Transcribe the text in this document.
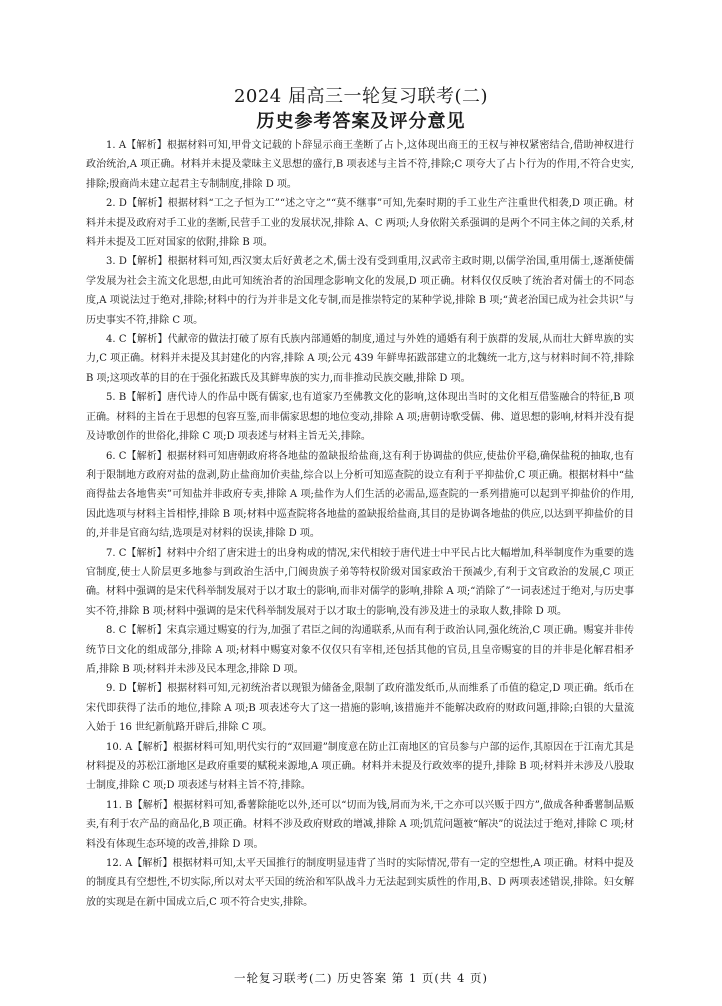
2024 届高三一轮复习联考(二)
历史参考答案及评分意见

1. A【解析】根据材料可知,甲骨文记载的卜辞显示商王垄断了占卜,这体现出商王的王权与神权紧密结合,借助神权进行政治统治,A 项正确。材料并未提及蒙昧主义思想的盛行,B 项表述与主旨不符,排除;C 项夸大了占卜行为的作用,不符合史实,排除;殷商尚未建立起君主专制制度,排除 D 项。

2. D【解析】根据材料“工之子恒为工”“述之守之”“莫不继事”可知,先秦时期的手工业生产注重世代相袭,D 项正确。材料并未提及政府对手工业的垄断,民营手工业的发展状况,排除 A、C 两项;人身依附关系强调的是两个不同主体之间的关系,材料并未提及工匠对国家的依附,排除 B 项。

3. D【解析】根据材料可知,西汉窦太后好黄老之术,儒士没有受到重用,汉武帝主政时期,以儒学治国,重用儒士,逐渐使儒学发展为社会主流文化思想,由此可知统治者的治国理念影响文化的发展,D 项正确。材料仅仅反映了统治者对儒士的不同态度,A 项说法过于绝对,排除;材料中的行为并非是文化专制,而是推崇特定的某种学说,排除 B 项;“黄老治国已成为社会共识”与历史事实不符,排除 C 项。

4. C【解析】代献帝的做法打破了原有氏族内部通婚的制度,通过与外姓的通婚有利于族群的发展,从而壮大鲜卑族的实力,C 项正确。材料并未提及其封建化的内容,排除 A 项;公元 439 年鲜卑拓跋部建立的北魏统一北方,这与材料时间不符,排除 B 项;这项改革的目的在于强化拓跋氏及其鲜卑族的实力,而非推动民族交融,排除 D 项。

5. B【解析】唐代诗人的作品中既有儒家,也有道家乃至佛教文化的影响,这体现出当时的文化相互借鉴融合的特征,B 项正确。材料的主旨在于思想的包容互鉴,而非儒家思想的地位变动,排除 A 项;唐朝诗歌受儒、佛、道思想的影响,材料并没有提及诗歌创作的世俗化,排除 C 项;D 项表述与材料主旨无关,排除。

6. C【解析】根据材料可知唐朝政府将各地盐的盈缺报给盐商,这有利于协调盐的供应,使盐价平稳,确保盐税的抽取,也有利于限制地方政府对盐的盘剥,防止盐商加价卖盐,综合以上分析可知巡查院的设立有利于平抑盐价,C 项正确。根据材料中“盐商得盐去各地售卖”可知盐并非政府专卖,排除 A 项;盐作为人们生活的必需品,巡查院的一系列措施可以起到平抑盐价的作用,因此选项与材料主旨相悖,排除 B 项;材料中巡查院将各地盐的盈缺报给盐商,其目的是协调各地盐的供应,以达到平抑盐价的目的,并非是官商勾结,选项是对材料的误读,排除 D 项。

7. C【解析】材料中介绍了唐宋进士的出身构成的情况,宋代相较于唐代进士中平民占比大幅增加,科举制度作为重要的选官制度,使士人阶层更多地参与到政治生活中,门阀贵族子弟等特权阶级对国家政治干预减少,有利于文官政治的发展,C 项正确。材料中强调的是宋代科举制发展对于以才取士的影响,而非对儒学的影响,排除 A 项;“消除了”一词表述过于绝对,与历史事实不符,排除 B 项;材料中强调的是宋代科举制发展对于以才取士的影响,没有涉及进士的录取人数,排除 D 项。

8. C【解析】宋真宗通过赐宴的行为,加强了君臣之间的沟通联系,从而有利于政治认同,强化统治,C 项正确。赐宴并非传统节日文化的组成部分,排除 A 项;材料中赐宴对象不仅仅只有宰相,还包括其他的官员,且皇帝赐宴的目的并非是化解君相矛盾,排除 B 项;材料并未涉及民本理念,排除 D 项。

9. D【解析】根据材料可知,元初统治者以现银为储备金,限制了政府滥发纸币,从而维系了币值的稳定,D 项正确。纸币在宋代即获得了法币的地位,排除 A 项;B 项表述夸大了这一措施的影响,该措施并不能解决政府的财政问题,排除;白银的大量流入始于 16 世纪新航路开辟后,排除 C 项。

10. A【解析】根据材料可知,明代实行的“双回避”制度意在防止江南地区的官员参与户部的运作,其原因在于江南尤其是材料提及的苏松江浙地区是政府重要的赋税来源地,A 项正确。材料并未提及行政效率的提升,排除 B 项;材料并未涉及八股取士制度,排除 C 项;D 项表述与材料主旨不符,排除。

11. B【解析】根据材料可知,番薯除能吃以外,还可以“切而为钱,屑而为米,干之亦可以兴贩于四方”,做成各种番薯制品贩卖,有利于农产品的商品化,B 项正确。材料不涉及政府财政的增减,排除 A 项;饥荒问题被“解决”的说法过于绝对,排除 C 项;材料没有体现生态环境的改善,排除 D 项。

12. A【解析】根据材料可知,太平天国推行的制度明显违背了当时的实际情况,带有一定的空想性,A 项正确。材料中提及的制度具有空想性,不切实际,所以对太平天国的统治和军队战斗力无法起到实质性的作用,B、D 两项表述错误,排除。妇女解放的实现是在新中国成立后,C 项不符合史实,排除。

一轮复习联考(二) 历史答案 第 1 页(共 4 页)
